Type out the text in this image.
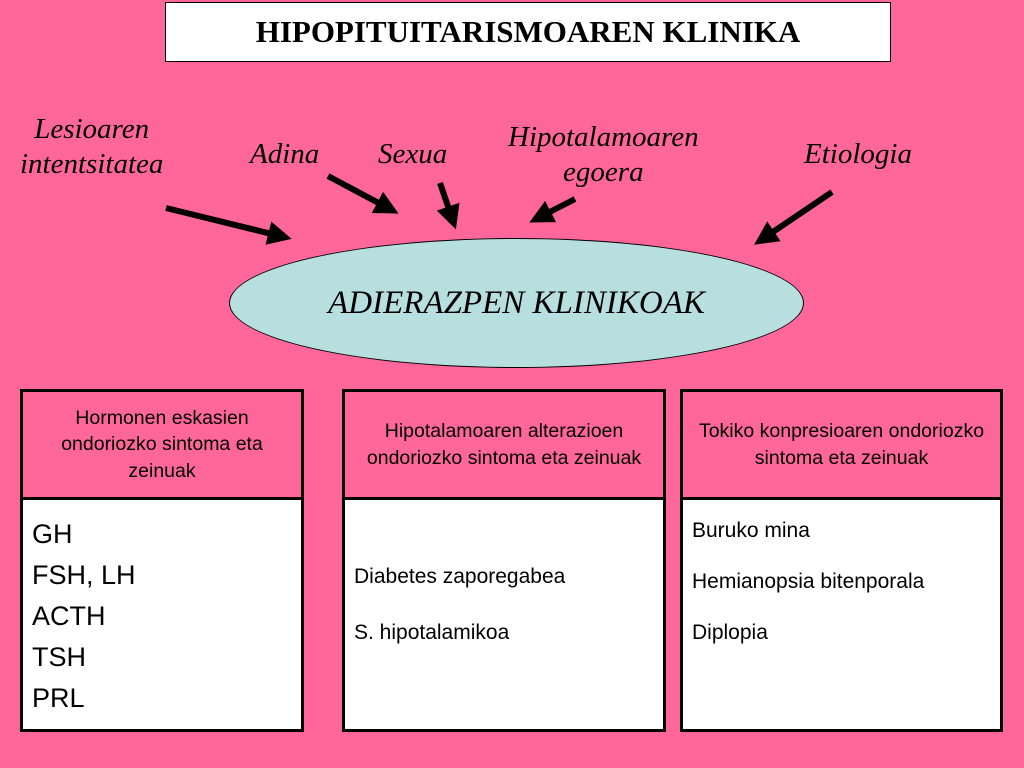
HIPOPITUITARISMOAREN KLINIKA
Lesioaren
intentsitatea	Adina Sexua
Hipotalamoaren
egoera
Etiologia
ADIERAZPEN KLINIKOAK
Hormonen eskasien ondoriozko sintoma eta zeinuak
GH
FSH, LH
ACTH
TSH
PRL
Hipotalamoaren alterazioen ondoriozko sintoma eta zeinuak
Diabetes zaporegabea
S. hipotalamikoa
Tokiko konpresioaren ondoriozko sintoma eta zeinuak
Buruko mina
Hemianopsia bitenporala
Diplopia
